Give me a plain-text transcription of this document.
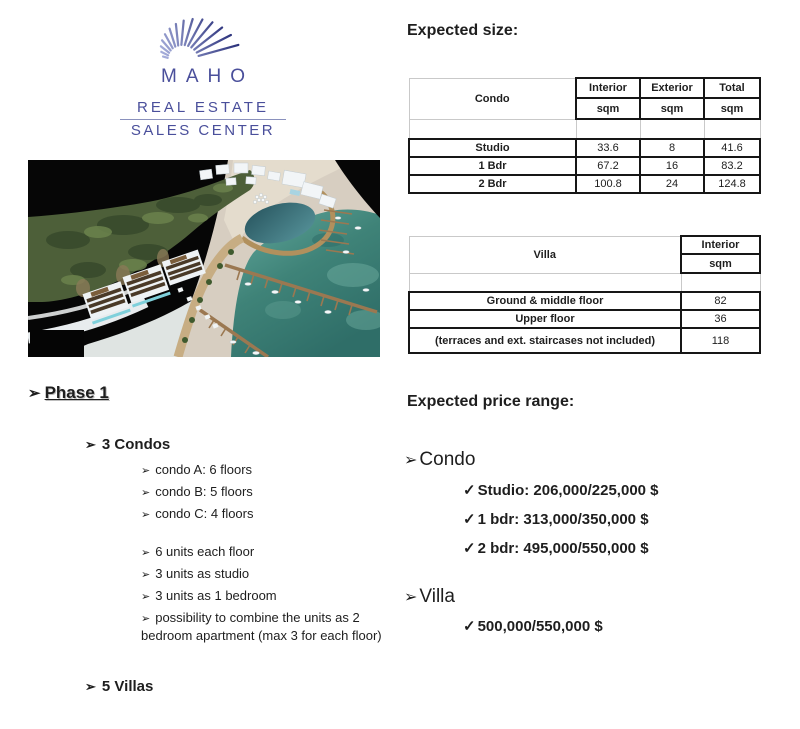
MAHO
REAL ESTATE
SALES CENTER
Expected size:
Condo	Interior	Exterior	Total
	sqm	sqm	sqm

Studio	33.6	8	41.6
1 Bdr	67.2	16	83.2
2 Bdr	100.8	24	124.8
Villa	Interior
	sqm

Ground & middle floor	82
Upper floor	36
(terraces and ext. staircases not included)	118
➢ Phase 1
➢ 3 Condos
➢ condo A: 6 floors
➢ condo B: 5 floors
➢ condo C: 4 floors
➢ 6 units each floor
➢ 3 units as studio
➢ 3 units as 1 bedroom
➢ possibility to combine the units as 2 bedroom apartment (max 3 for each floor)
➢ 5 Villas
Expected price range:
➢ Condo
✓ Studio: 206,000/225,000 $
✓ 1 bdr: 313,000/350,000 $
✓ 2 bdr: 495,000/550,000 $
➢ Villa
✓ 500,000/550,000 $
